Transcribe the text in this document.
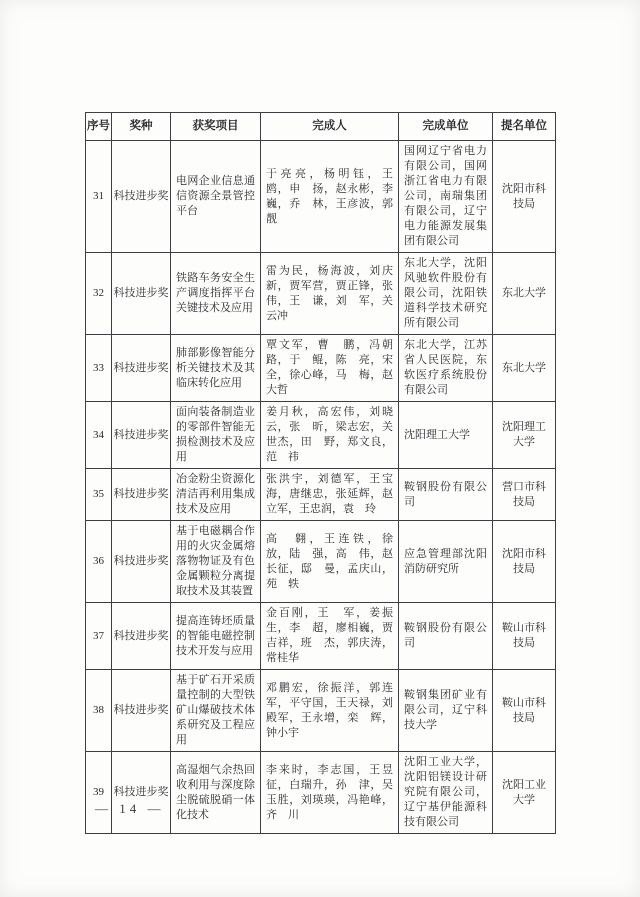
序号	奖种	获奖项目	完成人	完成单位	提名单位
31	科技进步奖	电网企业信息通信资源全景管控平台	于亮亮，杨明钰，王　鸥，申　扬，赵永彬，李　巍，乔　林，王彦波，郭　靓	国网辽宁省电力有限公司，国网浙江省电力有限公司，南瑞集团有限公司，辽宁电力能源发展集团有限公司	沈阳市科技局
32	科技进步奖	铁路车务安全生产调度指挥平台关键技术及应用	雷为民，杨海波，刘庆新，贾军营，贾正锋，张　伟，王　谦，刘　军，关云冲	东北大学，沈阳风驰软件股份有限公司，沈阳铁道科学技术研究所有限公司	东北大学
33	科技进步奖	肺部影像智能分析关键技术及其临床转化应用	覃文军，曹　鹏，冯朝路，于　鲲，陈　亮，宋　全，徐心峰，马　梅，赵大哲	东北大学，江苏省人民医院，东软医疗系统股份有限公司	东北大学
34	科技进步奖	面向装备制造业的零部件智能无损检测技术及应用	姜月秋，高宏伟，刘晓云，张　昕，梁志宏，关世杰，田　野，郑文良，范　祎	沈阳理工大学	沈阳理工大学
35	科技进步奖	冶金粉尘资源化清洁再利用集成技术及应用	张洪宇，刘德军，王宝海，唐继忠，张延辉，赵立军，王忠润，袁　玲	鞍钢股份有限公司	营口市科技局
36	科技进步奖	基于电磁耦合作用的火灾金属熔落物物证及有色金属颗粒分离提取技术及其装置	高　翱，王连铁，徐　放，陆　强，高　伟，赵长征，邸　曼，孟庆山，苑　轶	应急管理部沈阳消防研究所	沈阳市科技局
37	科技进步奖	提高连铸坯质量的智能电磁控制技术开发与应用	金百刚，王　军，姜振生，李　超，廖相巍，贾吉祥，班　杰，郭庆涛，常桂华	鞍钢股份有限公司	鞍山市科技局
38	科技进步奖	基于矿石开采质量控制的大型铁矿山爆破技术体系研究及工程应用	邓鹏宏，徐振洋，郭连军，平守国，王天禄，刘殿军，王永增，栾　辉，钟小宇	鞍钢集团矿业有限公司，辽宁科技大学	鞍山市科技局
39	科技进步奖	高湿烟气余热回收利用与深度除尘脱硫脱硝一体化技术	李来时，李志国，王昱征，白瑞升，孙　津，吴玉胜，刘瑛瑛，冯艳峰，齐　川	沈阳工业大学，沈阳铝镁设计研究院有限公司，辽宁基伊能源科技有限公司	沈阳工业大学
— 14 —
